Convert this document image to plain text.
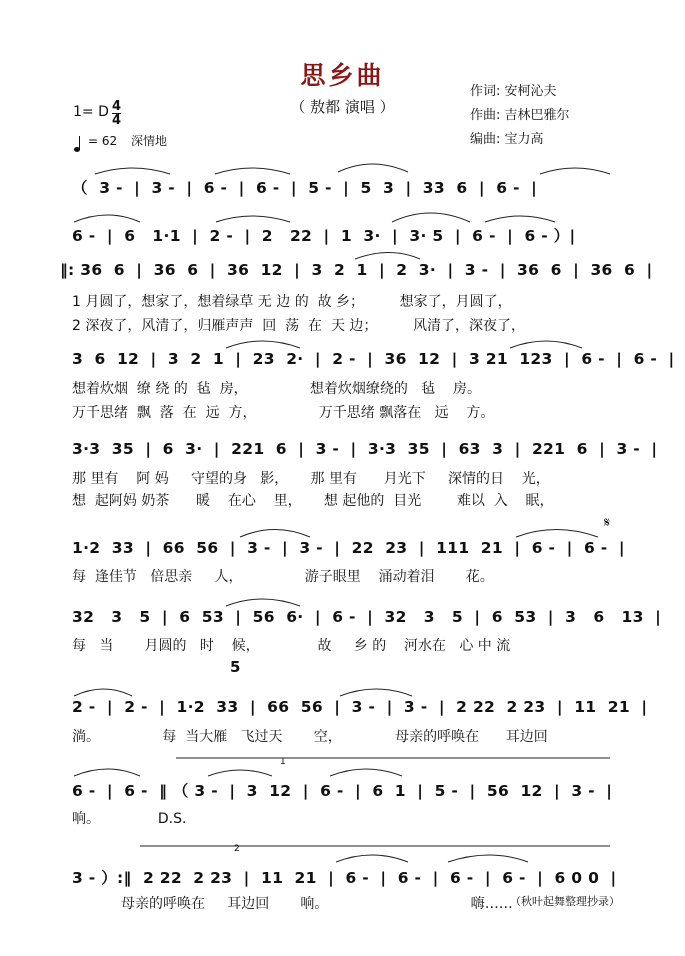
思乡曲
（ 敖都 演唱 ）
作词: 安柯沁夫
作曲: 吉林巴雅尔
编曲: 宝力高
1= D 4
4
= 62 深情地
（  3 -  |  3 -  |  6 -  |  6 -  |  5 -  |  5  3  |  33  6  |  6 -  |
6 -  |  6   1·1  |  2 -  |  2   22  |  1  3·  |  3· 5  |  6 -  |  6 - ）|
‖: 36  6  |  36  6  |  36  12  |  3  2  1  |  2  3·  |  3 -  |  36  6  |  36  6  |
1 月圆了，想家了，想着绿草 无 边 的  故 乡；        想家了，月圆了，
2 深夜了，风清了，归雁声声  回  荡  在  天 边；        风清了，深夜了，
3  6  12  |  3  2  1  |  23  2·  |  2 -  |  36  12  |  3 21  123  |  6 -  |  6 -  |
想着炊烟  缭 绕 的  毡  房，              想着炊烟缭绕的   毡    房。
万千思绪  飘  落  在  远  方，              万千思绪 飘落在   远    方。
3·3  35  |  6  3·  |  221  6  |  3 -  |  3·3  35  |  63  3  |  221  6  |  3 -  |
那 里有    阿 妈     守望的身   影，     那 里有      月光下     深情的日    光，
想  起阿妈 奶茶      暖    在心    里，     想 起他的  目光        难以  入    眠，
1·2  33  |  66  56  |  3 -  |  3 -  |  22  23  |  111  21  |  6 -  |  6 -  |
每  逢佳节   倍思亲     人，              游子眼里    涌动着泪       花。
𝄋
32   3   5  |  6  53  |  56  6·  |  6 -  |  32   3   5  |  6  53  |  3   6   13  |
每   当       月圆的   时    候，             故     乡 的    河水在   心 中 流
5
2 -  |  2 -  |  1·2  33  |  66  56  |  3 -  |  3 -  |  2 22  2 23  |  11  21  |
淌。              每  当大雁   飞过天       空，            母亲的呼唤在      耳边回
1
6 -  |  6 -  ‖ （ 3 -  |  3  12  |  6 -  |  6  1  |  5 -  |  56  12  |  3 -  |
响。             D.S.
2
3 - ）:‖  2 22  2 23  |  11  21  |  6 -  |  6 -  |  6 -  |  6 -  |  6 0 0  |
母亲的呼唤在     耳边回       响。                                嗨……
（秋叶起舞整理抄录）
